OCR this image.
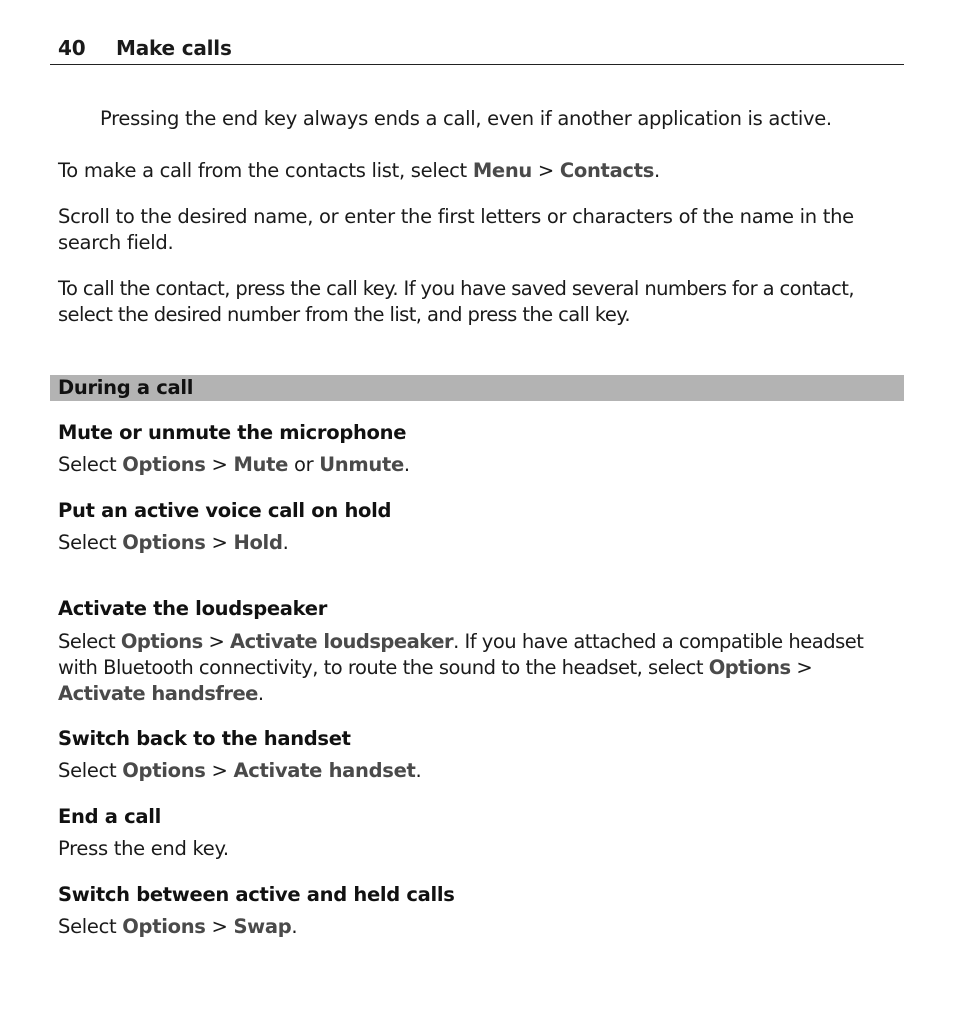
40 Make calls

Pressing the end key always ends a call, even if another application is active.

To make a call from the contacts list, select Menu > Contacts.

Scroll to the desired name, or enter the first letters or characters of the name in the search field.

To call the contact, press the call key. If you have saved several numbers for a contact, select the desired number from the list, and press the call key.

During a call

Mute or unmute the microphone

Select Options > Mute or Unmute.

Put an active voice call on hold

Select Options > Hold.

Activate the loudspeaker

Select Options > Activate loudspeaker. If you have attached a compatible headset with Bluetooth connectivity, to route the sound to the headset, select Options > Activate handsfree.

Switch back to the handset

Select Options > Activate handset.

End a call

Press the end key.

Switch between active and held calls

Select Options > Swap.
